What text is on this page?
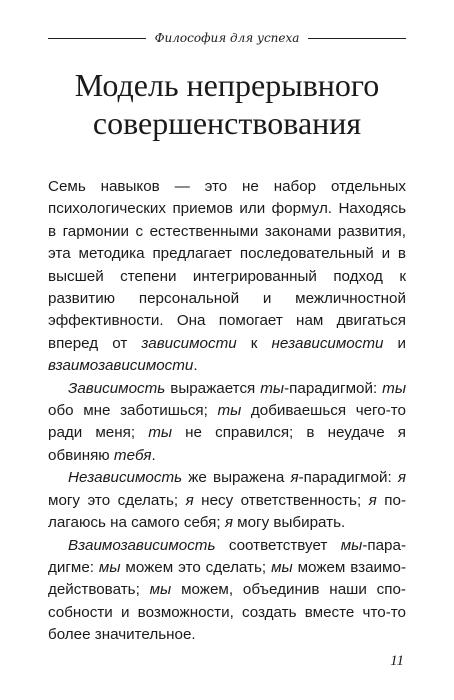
Философия для успеха
Модель непрерывного
совершенствования

Семь навыков — это не набор отдельных психологических приемов или формул. Находясь в гармонии с естественными законами развития, эта методика предлагает последовательный и в высшей степени интегрированный подход к развитию персональной и межличностной эффективности. Она помогает нам двигаться вперед от зависимости к независимости и взаимозависимости.

Зависимость выражается ты-парадигмой: ты обо мне заботишься; ты добиваешься чего-то ради меня; ты не справился; в неудаче я обвиняю тебя.

Независимость же выражена я-парадигмой: я могу это сделать; я несу ответственность; я полагаюсь на самого себя; я могу выбирать.

Взаимозависимость соответствует мы-парадигме: мы можем это сделать; мы можем взаимодействовать; мы можем, объединив наши способности и возможности, создать вместе что-то более значительное.

11
